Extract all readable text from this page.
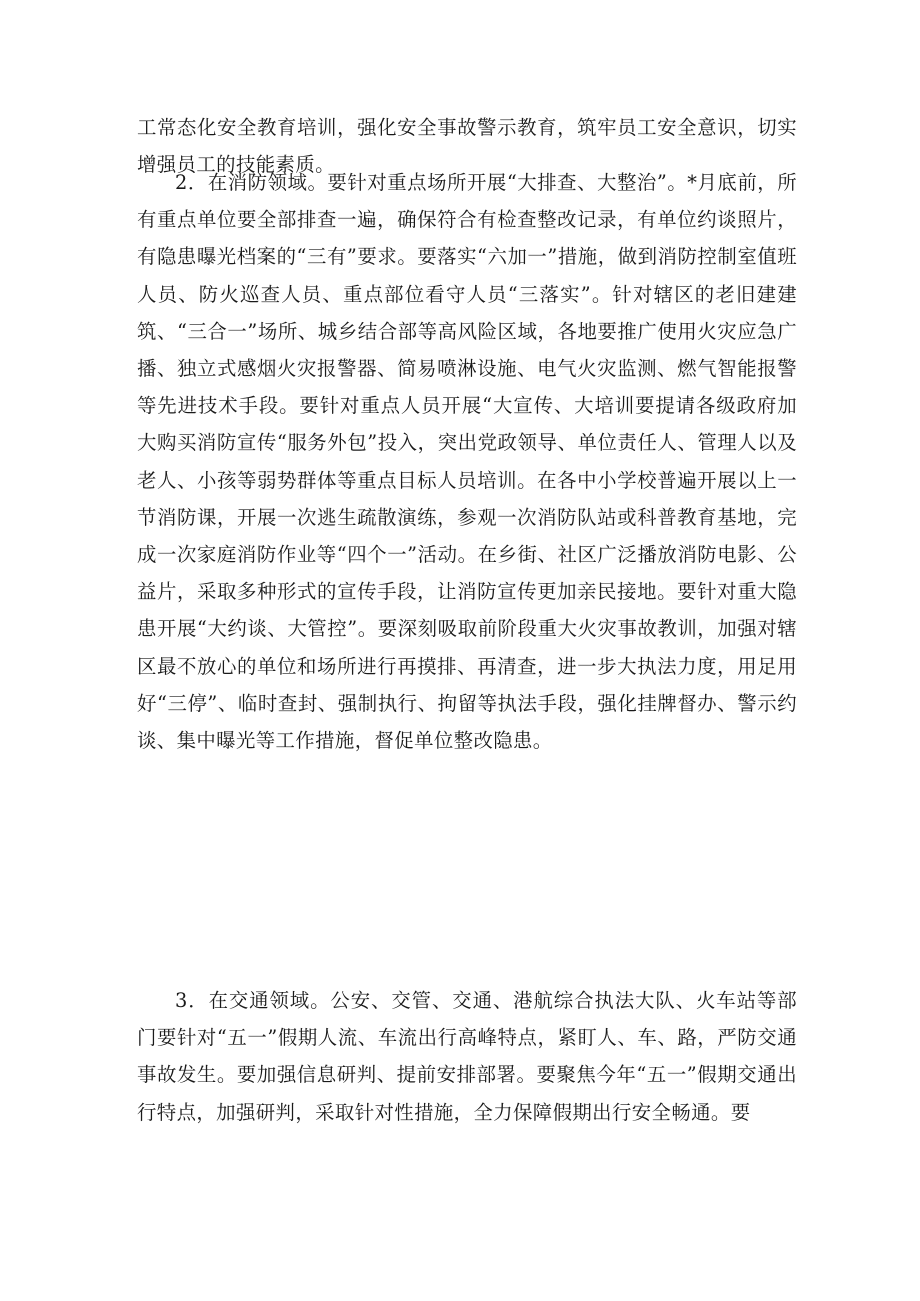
工常态化安全教育培训，强化安全事故警示教育，筑牢员工安全意识，切实增强员工的技能素质。

2．在消防领域。要针对重点场所开展“大排查、大整治”。*月底前，所有重点单位要全部排查一遍，确保符合有检查整改记录，有单位约谈照片，有隐患曝光档案的“三有”要求。要落实“六加一”措施，做到消防控制室值班人员、防火巡查人员、重点部位看守人员“三落实”。针对辖区的老旧建建筑、“三合一”场所、城乡结合部等高风险区域，各地要推广使用火灾应急广播、独立式感烟火灾报警器、简易喷淋设施、电气火灾监测、燃气智能报警等先进技术手段。要针对重点人员开展“大宣传、大培训要提请各级政府加大购买消防宣传“服务外包”投入，突出党政领导、单位责任人、管理人以及老人、小孩等弱势群体等重点目标人员培训。在各中小学校普遍开展以上一节消防课，开展一次逃生疏散演练，参观一次消防队站或科普教育基地，完成一次家庭消防作业等“四个一”活动。在乡街、社区广泛播放消防电影、公益片，采取多种形式的宣传手段，让消防宣传更加亲民接地。要针对重大隐患开展“大约谈、大管控”。要深刻吸取前阶段重大火灾事故教训，加强对辖区最不放心的单位和场所进行再摸排、再清查，进一步大执法力度，用足用好“三停”、临时查封、强制执行、拘留等执法手段，强化挂牌督办、警示约谈、集中曝光等工作措施，督促单位整改隐患。

3．在交通领域。公安、交管、交通、港航综合执法大队、火车站等部门要针对“五一”假期人流、车流出行高峰特点，紧盯人、车、路，严防交通事故发生。要加强信息研判、提前安排部署。要聚焦今年“五一”假期交通出行特点，加强研判，采取针对性措施，全力保障假期出行安全畅通。要
